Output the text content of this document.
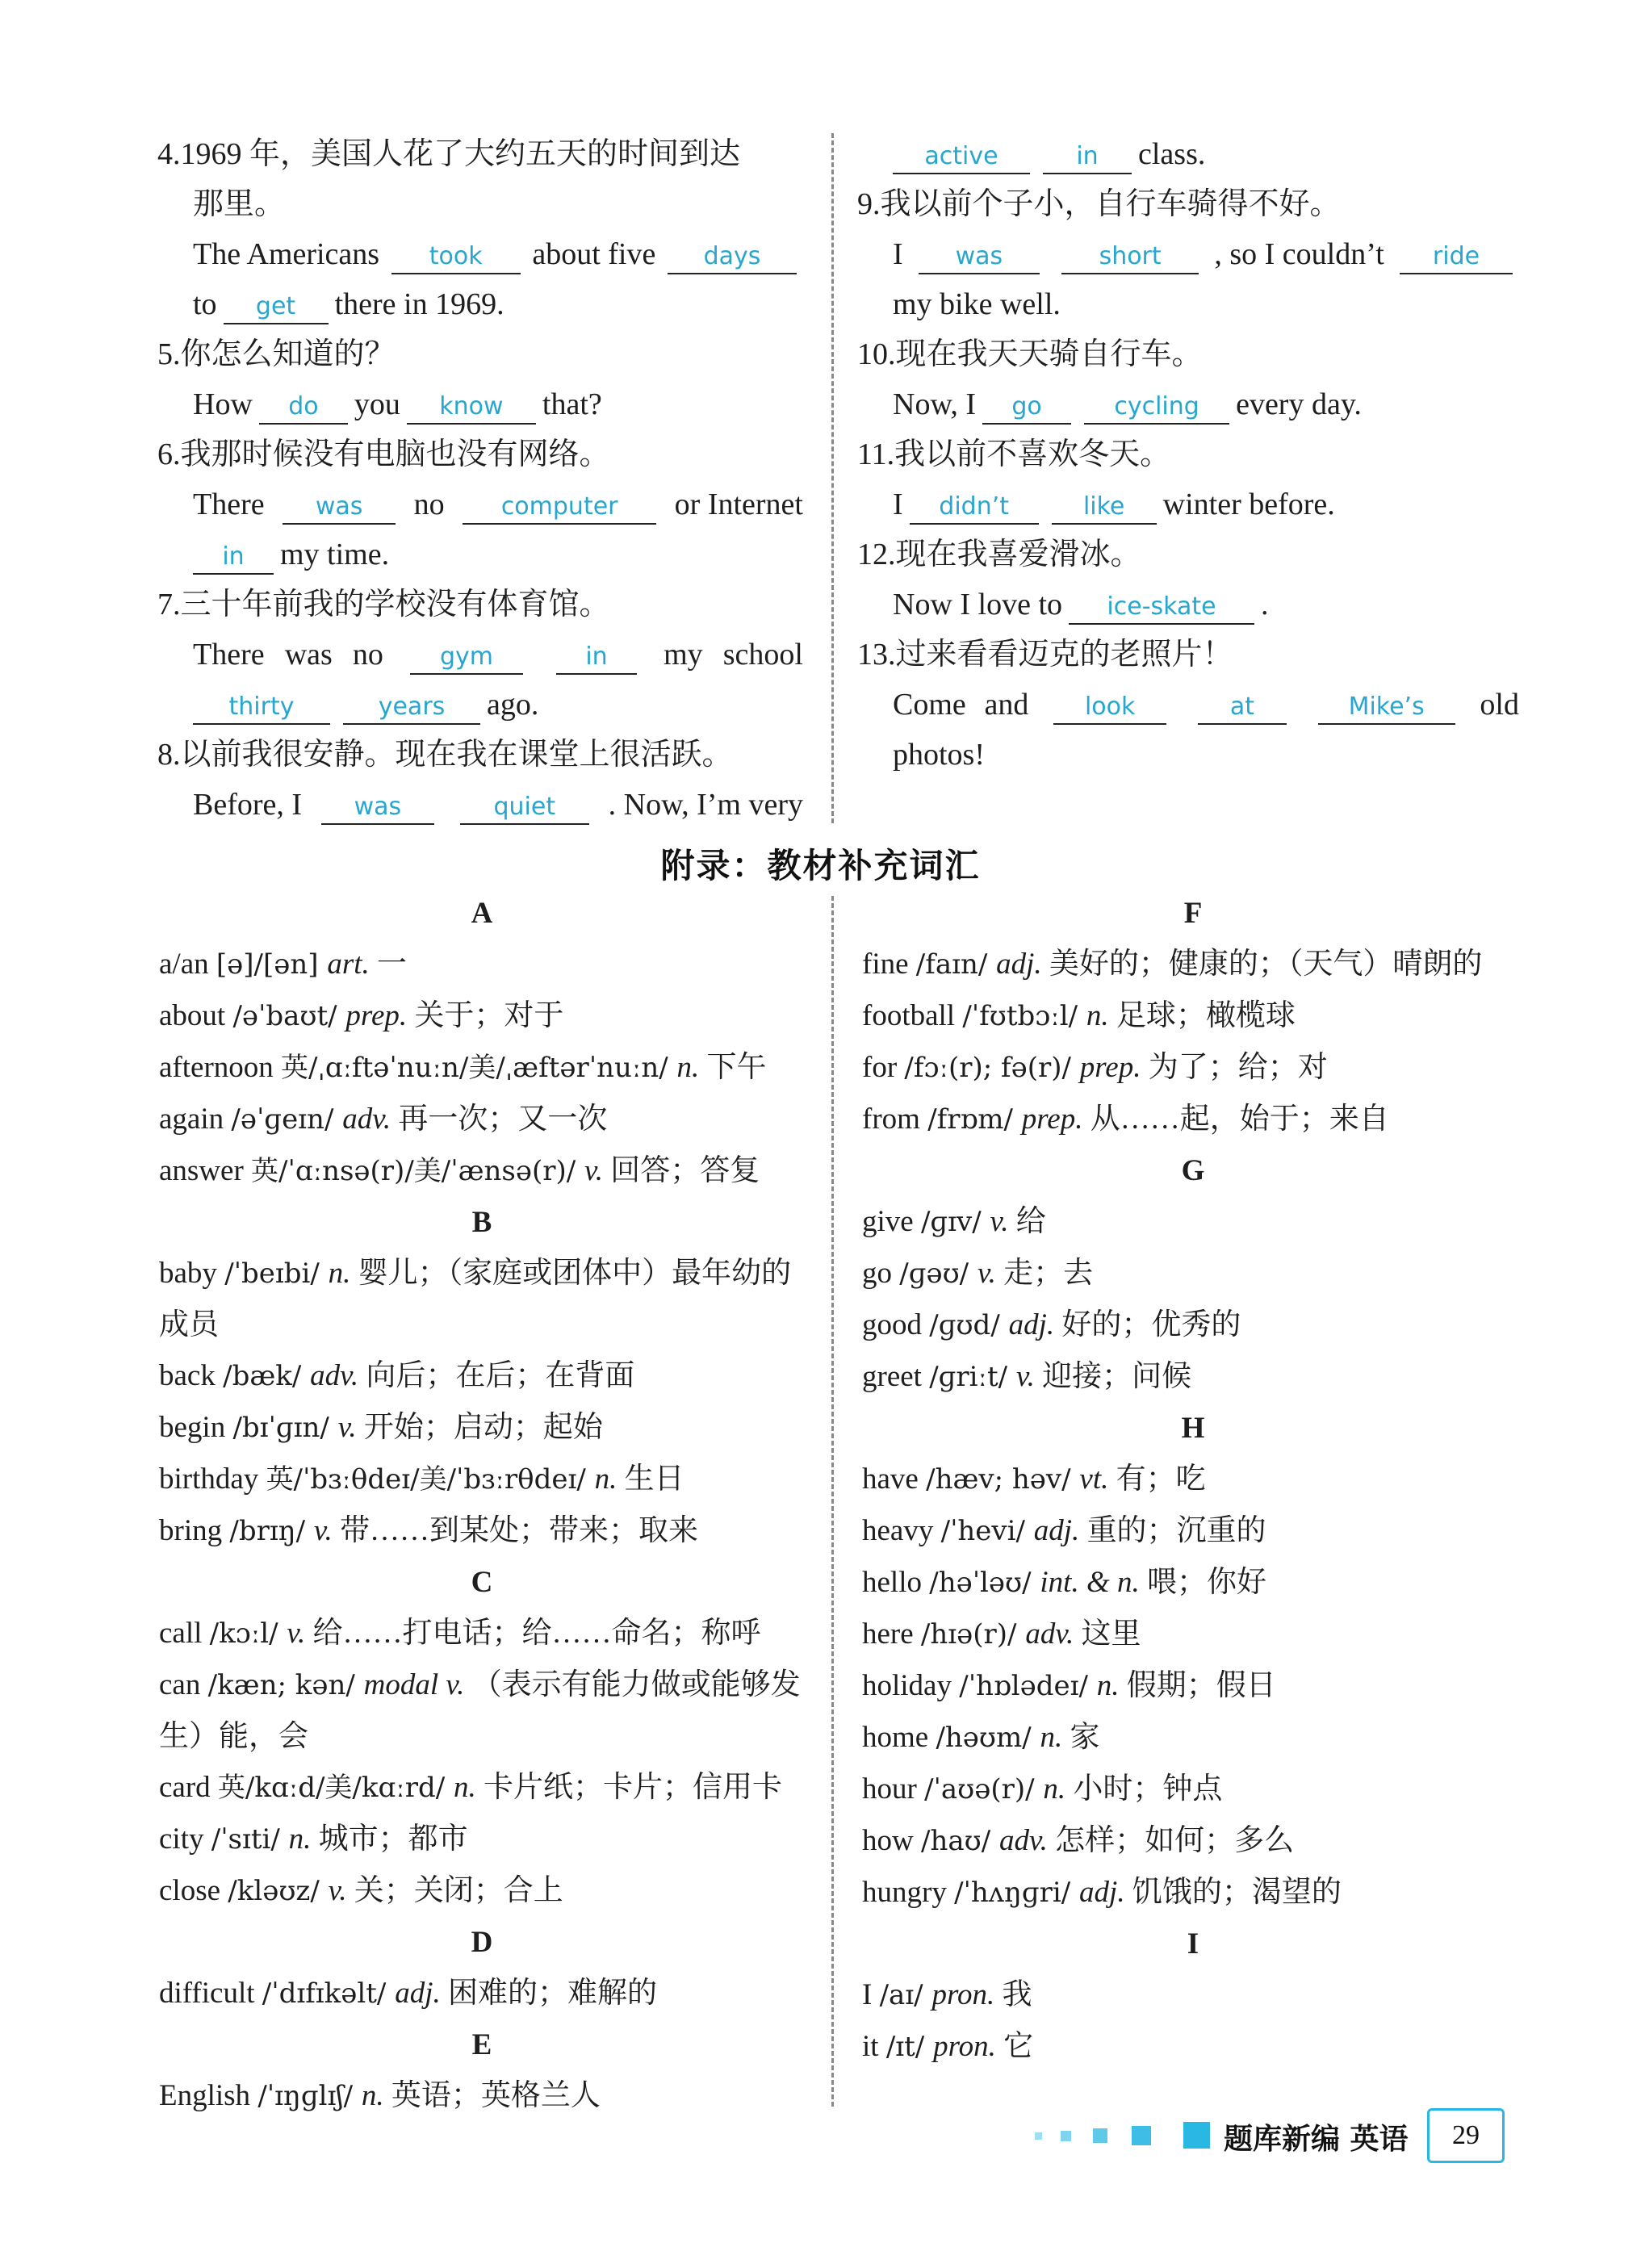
4.1969 年，美国人花了大约五天的时间到达
那里。
The Americans	took	about five	days
to get there in 1969.
5.你怎么知道的？
How do you know that?
6.我那时候没有电脑也没有网络。
There	was	no	computer	or Internet
in my time.
7.三十年前我的学校没有体育馆。
There was no	gym	in	my school
thirty	years ago.
8.以前我很安静。现在我在课堂上很活跃。
Before, I	was	quiet	. Now, I’m very
active	in class.
9.我以前个子小，自行车骑得不好。
I	was	short	, so I couldn’t	ride
my bike well.
10.现在我天天骑自行车。
Now, I go	cycling every day.
11.我以前不喜欢冬天。
I didn’t	like winter before.
12.现在我喜爱滑冰。
Now I love to ice-skate .
13.过来看看迈克的老照片！
Come and	look	at	Mike’s	old
photos!
附录：教材补充词汇
A
a/an [ə]/[ən] art. 一
about /əˈbaʊt/ prep. 关于；对于
afternoon 英/ˌɑːftəˈnuːn/美/ˌæftərˈnuːn/ n. 下午
again /əˈɡeɪn/ adv. 再一次；又一次
answer 英/ˈɑːnsə(r)/美/ˈænsə(r)/ v. 回答；答复
B
baby /ˈbeɪbi/ n. 婴儿；（家庭或团体中）最年幼的成员
back /bæk/ adv. 向后；在后；在背面
begin /bɪˈɡɪn/ v. 开始；启动；起始
birthday 英/ˈbɜːθdeɪ/美/ˈbɜːrθdeɪ/ n. 生日
bring /brɪŋ/ v. 带……到某处；带来；取来
C
call /kɔːl/ v. 给……打电话；给……命名；称呼
can /kæn; kən/ modal v. （表示有能力做或能够发生）能，会
card 英/kɑːd/美/kɑːrd/ n. 卡片纸；卡片；信用卡
city /ˈsɪti/ n. 城市；都市
close /kləʊz/ v. 关；关闭；合上
D
difficult /ˈdɪfɪkəlt/ adj. 困难的；难解的
E
English /ˈɪŋɡlɪʃ/ n. 英语；英格兰人
F
fine /faɪn/ adj. 美好的；健康的；（天气）晴朗的
football /ˈfʊtbɔːl/ n. 足球；橄榄球
for /fɔː(r); fə(r)/ prep. 为了；给；对
from /frɒm/ prep. 从……起，始于；来自
G
give /ɡɪv/ v. 给
go /ɡəʊ/ v. 走；去
good /ɡʊd/ adj. 好的；优秀的
greet /ɡriːt/ v. 迎接；问候
H
have /hæv; həv/ vt. 有；吃
heavy /ˈhevi/ adj. 重的；沉重的
hello /həˈləʊ/ int. & n. 喂；你好
here /hɪə(r)/ adv. 这里
holiday /ˈhɒlədeɪ/ n. 假期；假日
home /həʊm/ n. 家
hour /ˈaʊə(r)/ n. 小时；钟点
how /haʊ/ adv. 怎样；如何；多么
hungry /ˈhʌŋɡri/ adj. 饥饿的；渴望的
I
I /aɪ/ pron. 我
it /ɪt/ pron. 它
题库新编 英语	29
